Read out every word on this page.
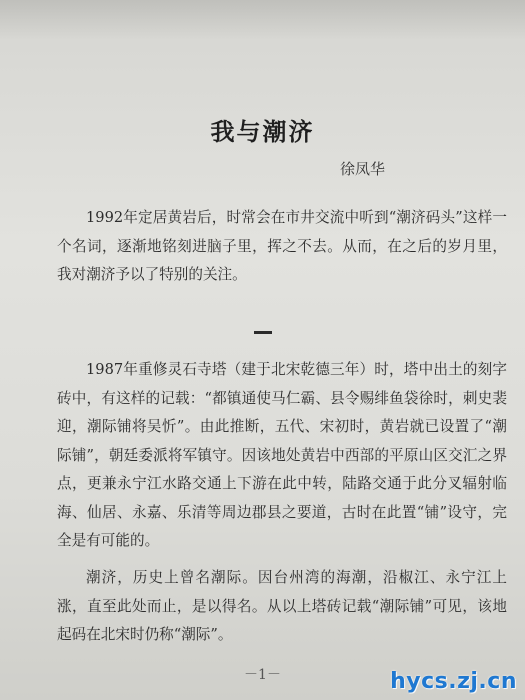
我与潮济
徐凤华

1992年定居黄岩后，时常会在市井交流中听到“潮济码头”这样一个名词，逐渐地铭刻进脑子里，挥之不去。从而，在之后的岁月里，我对潮济予以了特别的关注。

1987年重修灵石寺塔（建于北宋乾德三年）时，塔中出土的刻字砖中，有这样的记载：“都镇通使马仁霸、县令赐绯鱼袋徐时，刺史裴迎，潮际铺将吴忻”。由此推断，五代、宋初时，黄岩就已设置了“潮际铺”，朝廷委派将军镇守。因该地处黄岩中西部的平原山区交汇之界点，更兼永宁江水路交通上下游在此中转，陆路交通于此分叉辐射临海、仙居、永嘉、乐清等周边郡县之要道，古时在此置“铺”设守，完全是有可能的。

潮济，历史上曾名潮际。因台州湾的海潮，沿椒江、永宁江上涨，直至此处而止，是以得名。从以上塔砖记载“潮际铺”可见，该地起码在北宋时仍称“潮际”。

－1－	hycs.zj.cn
